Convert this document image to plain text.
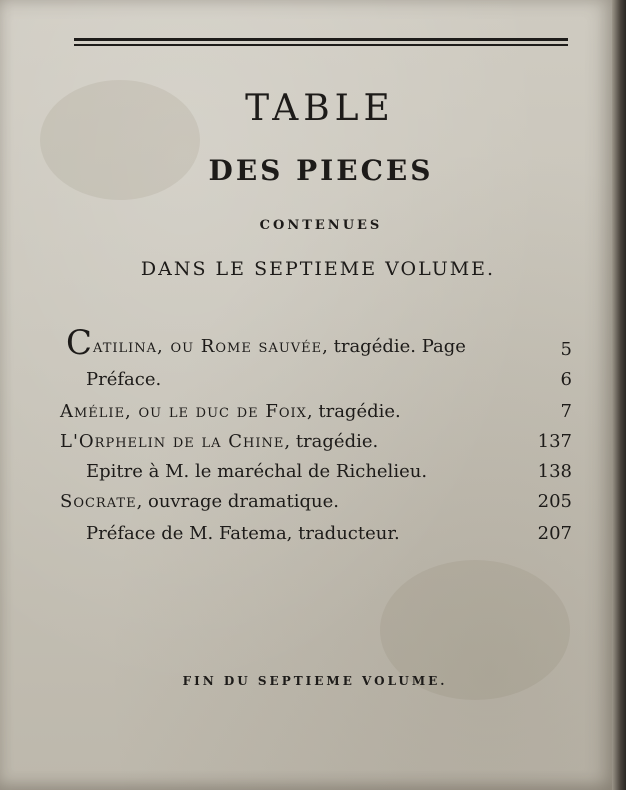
TABLE
DES PIECES
CONTENUES
DANS LE SEPTIEME VOLUME.
Catilina, ou Rome sauvée, tragédie. Page	5
Préface.	6
Amélie, ou le duc de Foix, tragédie.	7
L'Orphelin de la Chine, tragédie.	137
Epitre à M. le maréchal de Richelieu.	138
Socrate, ouvrage dramatique.	205
Préface de M. Fatema, traducteur.	207
FIN DU SEPTIEME VOLUME.
